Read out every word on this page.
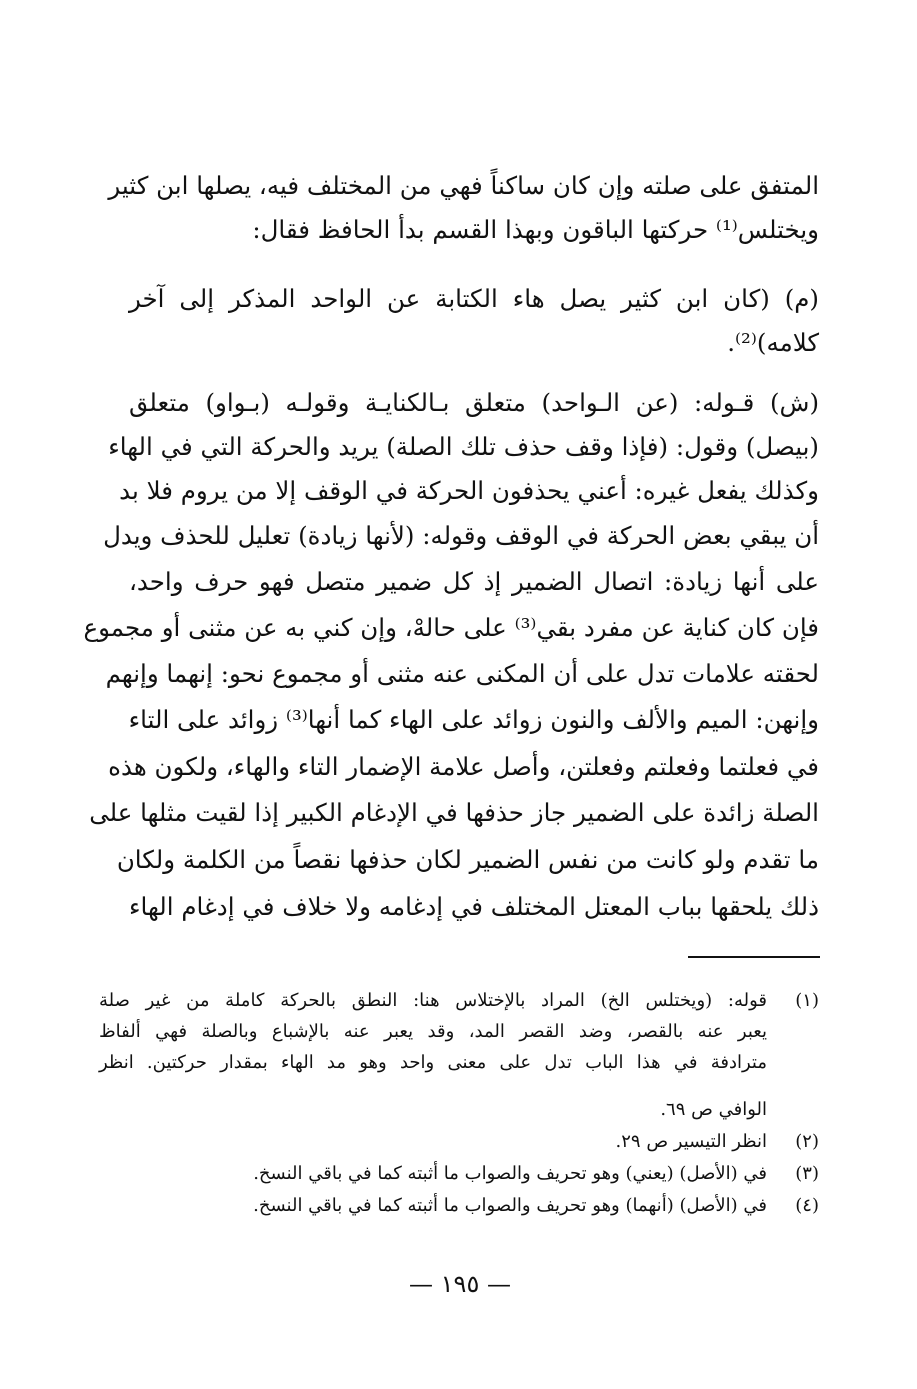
المتفق على صلته وإن كان ساكناً فهي من المختلف فيه، يصلها ابن كثير
ويختلس⁽¹⁾ حركتها الباقون وبهذا القسم بدأ الحافظ فقال:
(م) (كان ابن كثير يصل هاء الكتابة عن الواحد المذكر إلى آخر
كلامه)⁽²⁾.
(ش) قـوله: (عن الـواحد) متعلق بـالكنايـة وقولـه (بـواو) متعلق
(بيصل) وقول: (فإذا وقف حذف تلك الصلة) يريد والحركة التي في الهاء
وكذلك يفعل غيره: أعني يحذفون الحركة في الوقف إلا من يروم فلا بد
أن يبقي بعض الحركة في الوقف وقوله: (لأنها زيادة) تعليل للحذف ويدل
على أنها زيادة: اتصال الضمير إذ كل ضمير متصل فهو حرف واحد،
فإن كان كناية عن مفرد بقي⁽³⁾ على حالهْ، وإن كني به عن مثنى أو مجموع
لحقته علامات تدل على أن المكنى عنه مثنى أو مجموع نحو: إنهما وإنهم
وإنهن: الميم والألف والنون زوائد على الهاء كما أنها⁽³⁾ زوائد على التاء
في فعلتما وفعلتم وفعلتن، وأصل علامة الإضمار التاء والهاء، ولكون هذه
الصلة زائدة على الضمير جاز حذفها في الإدغام الكبير إذا لقيت مثلها على
ما تقدم ولو كانت من نفس الضمير لكان حذفها نقصاً من الكلمة ولكان
ذلك يلحقها بباب المعتل المختلف في إدغامه ولا خلاف في إدغام الهاء
(١)
قوله: (ويختلس الخ) المراد بالإختلاس هنا: النطق بالحركة كاملة من غير صلة
يعبر عنه بالقصر، وضد القصر المد، وقد يعبر عنه بالإشباع وبالصلة فهي ألفاظ
مترادفة في هذا الباب تدل على معنى واحد وهو مد الهاء بمقدار حركتين. انظر
الوافي ص ٦٩.
(٢)
انظر التيسير ص ٢٩.
(٣)
في (الأصل) (يعني) وهو تحريف والصواب ما أثبته كما في باقي النسخ.
(٤)
في (الأصل) (أنهما) وهو تحريف والصواب ما أثبته كما في باقي النسخ.
— ١٩٥ —
